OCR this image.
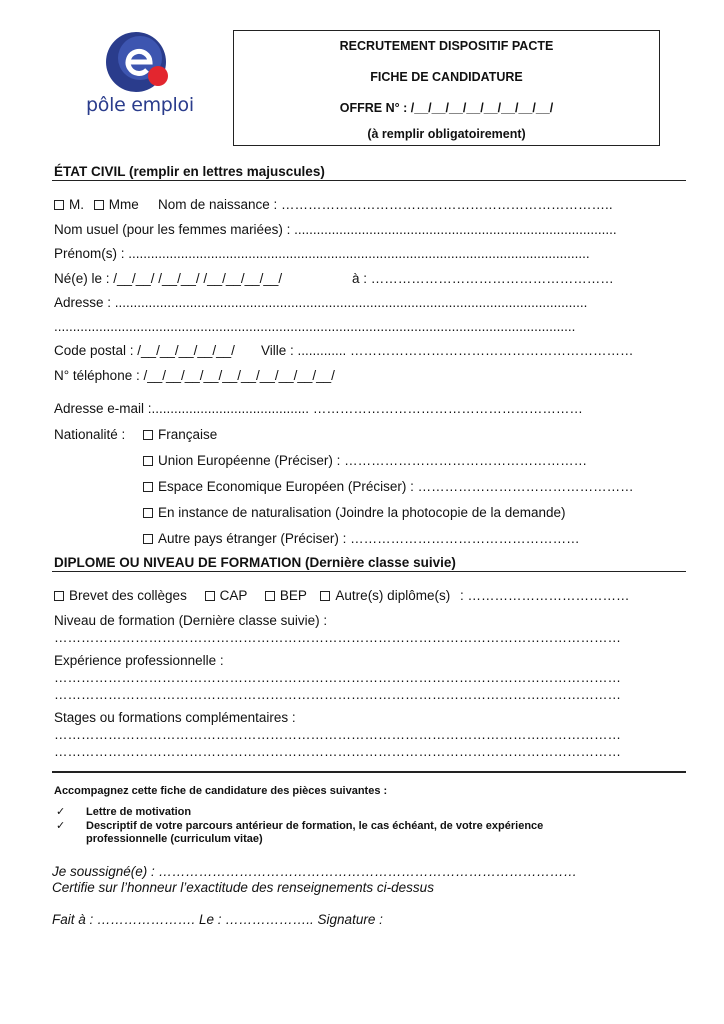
pôle emploi
RECRUTEMENT DISPOSITIF PACTE
FICHE DE CANDIDATURE
OFFRE N° : /__/__/__/__/__/__/__/__/
(à remplir obligatoirement)
ÉTAT CIVIL (remplir en lettres majuscules)
M. Mme Nom de naissance : ………………………………………………………………..
Nom usuel (pour les femmes mariées) : ......................................................................................
Prénom(s) : ...........................................................................................................................
Né(e) le : /__/__/ /__/__/ /__/__/__/__/	à : ………………………………………………
Adresse : ..............................................................................................................................
...........................................................................................................................................
Code postal : /__/__/__/__/__/ Ville : ............. ………………………………………………………
N° téléphone : /__/__/__/__/__/__/__/__/__/__/
Adresse e-mail :.......................................... ……………………………………………………
Nationalité :	Française
Union Européenne (Préciser) : ………………………………………………
Espace Economique Européen (Préciser) : …………………………………………
En instance de naturalisation (Joindre la photocopie de la demande)
Autre pays étranger (Préciser) : ……………………………………………
DIPLOME OU NIVEAU DE FORMATION (Dernière classe suivie)
Brevet des collèges CAP BEP Autre(s) diplôme(s) : ………………………………
Niveau de formation (Dernière classe suivie) :
………………………………………………………………………………………………………………
Expérience professionnelle :
………………………………………………………………………………………………………………
………………………………………………………………………………………………………………
Stages ou formations complémentaires :
………………………………………………………………………………………………………………
………………………………………………………………………………………………………………
Accompagnez cette fiche de candidature des pièces suivantes :
✓ Lettre de motivation
✓ Descriptif de votre parcours antérieur de formation, le cas échéant, de votre expérience
professionnelle (curriculum vitae)
Je soussigné(e) : …………………………………………………………………………………
Certifie sur l’honneur l’exactitude des renseignements ci-dessus
Fait à : …………………. Le : ……………….. Signature :
